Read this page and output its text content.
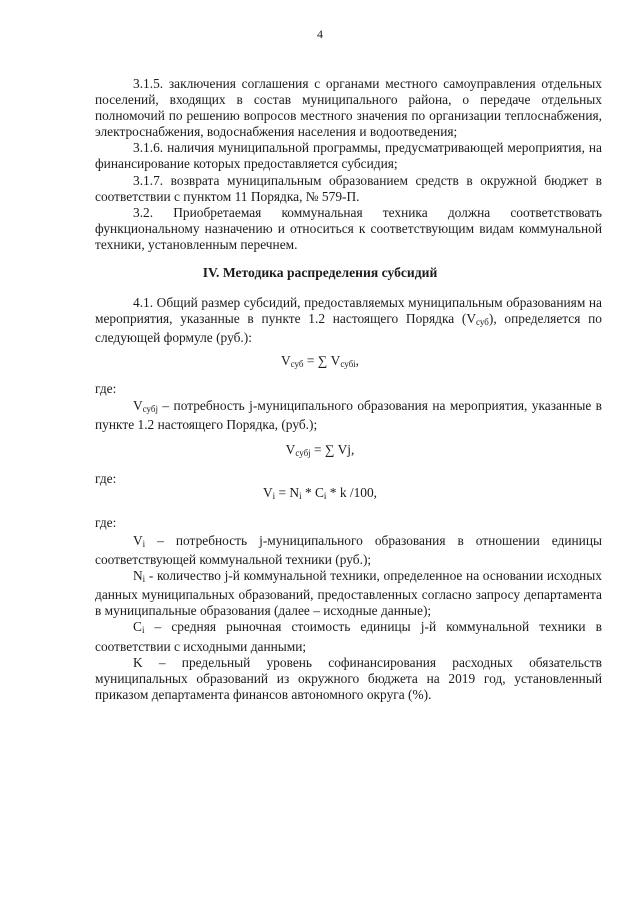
4

3.1.5. заключения соглашения с органами местного самоуправления отдельных поселений, входящих в состав муниципального района, о передаче отдельных полномочий по решению вопросов местного значения по организации теплоснабжения, электроснабжения, водоснабжения населения и водоотведения;

3.1.6. наличия муниципальной программы, предусматривающей мероприятия, на финансирование которых предоставляется субсидия;

3.1.7. возврата муниципальным образованием средств в окружной бюджет в соответствии с пунктом 11 Порядка, № 579-П.

3.2. Приобретаемая коммунальная техника должна соответствовать функциональному назначению и относиться к соответствующим видам коммунальной техники, установленным перечнем.

IV. Методика распределения субсидий

4.1. Общий размер субсидий, предоставляемых муниципальным образованиям на мероприятия, указанные в пункте 1.2 настоящего Порядка $(V_{суб})$, определяется по следующей формуле (руб.):

$V_{суб}$ = ∑ $V_{субi}$,
где:

$V_{субj}$ – потребность j-муниципального образования на мероприятия, указанные в пункте 1.2 настоящего Порядка, (руб.);

$V_{субj}$ = ∑ Vj,
где:
$V_i = N_i * C_i * k$ /100,
где:

$V_i$ – потребность j-муниципального образования в отношении единицы соответствующей коммунальной техники (руб.);

$N_i$ - количество j-й коммунальной техники, определенное на основании исходных данных муниципальных образований, предоставленных согласно запросу департамента в муниципальные образования (далее – исходные данные);

$C_i$ – средняя рыночная стоимость единицы j-й коммунальной техники в соответствии с исходными данными;

K – предельный уровень софинансирования расходных обязательств муниципальных образований из окружного бюджета на 2019 год, установленный приказом департамента финансов автономного округа (%).
